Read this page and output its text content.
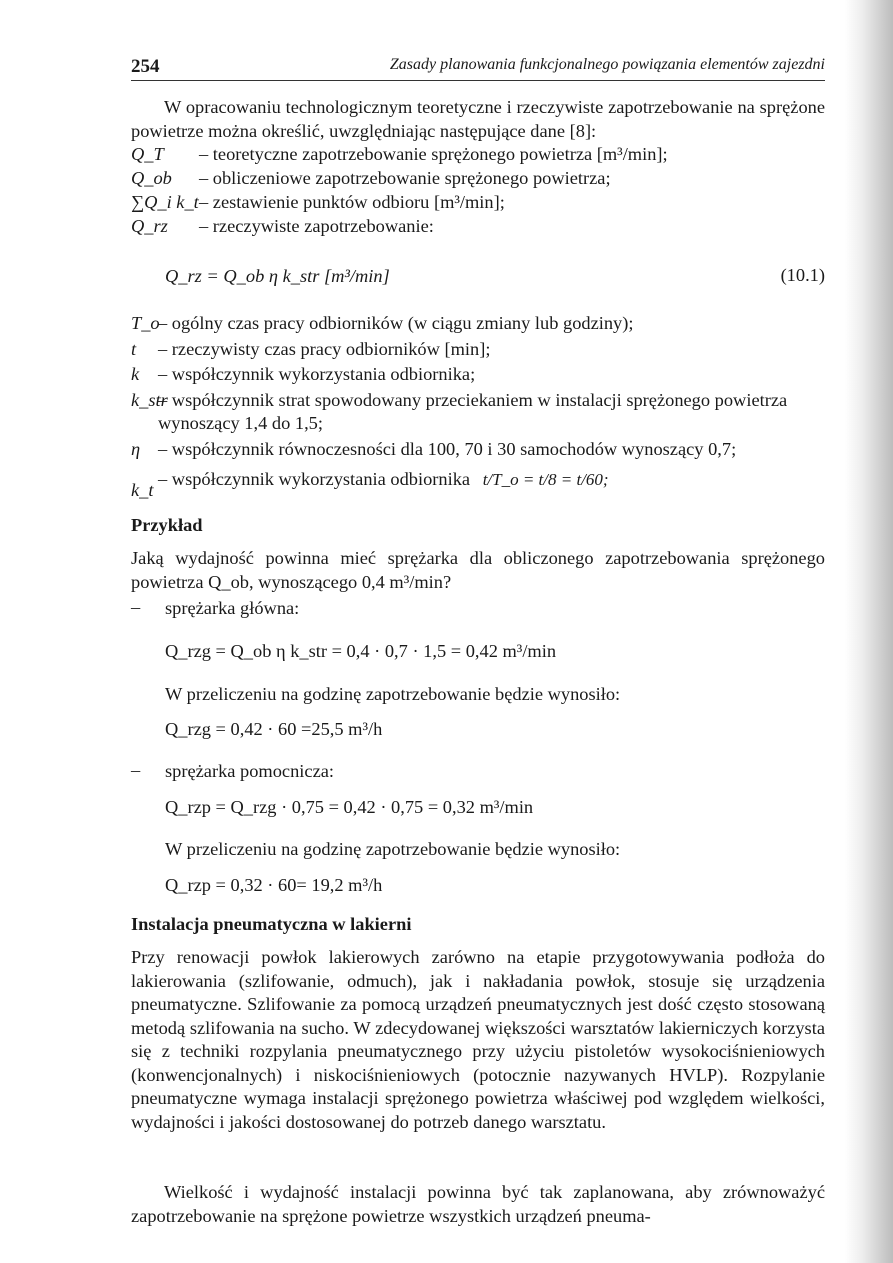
254	Zasady planowania funkcjonalnego powiązania elementów zajezdni
W opracowaniu technologicznym teoretyczne i rzeczywiste zapotrzebowanie na sprężone powietrze można określić, uwzględniając następujące dane [8]:
Q_T – teoretyczne zapotrzebowanie sprężonego powietrza [m³/min];
Q_ob – obliczeniowe zapotrzebowanie sprężonego powietrza;
∑Q_i k_t – zestawienie punktów odbioru [m³/min];
Q_rz – rzeczywiste zapotrzebowanie:
Q_rz = Q_ob η k_str [m³/min]	(10.1)
T_o
– ogólny czas pracy odbiorników (w ciągu zmiany lub godziny);
t – rzeczywisty czas pracy odbiorników [min];
k – współczynnik wykorzystania odbiornika;
k_str
– współczynnik strat spowodowany przeciekaniem w instalacji sprężonego powietrza wynoszący 1,4 do 1,5;
η – współczynnik równoczesności dla 100, 70 i 30 samochodów wynoszący 0,7;
k_t
– współczynnik wykorzystania odbiornika t/T_o = t/8 = t/60;
Przykład
Jaką wydajność powinna mieć sprężarka dla obliczonego zapotrzebowania sprężonego powietrza Q_ob, wynoszącego 0,4 m³/min?
– sprężarka główna:
Q_rzg = Q_ob η k_str = 0,4 · 0,7 · 1,5 = 0,42 m³/min
W przeliczeniu na godzinę zapotrzebowanie będzie wynosiło:
Q_rzg = 0,42 · 60 =25,5 m³/h
– sprężarka pomocnicza:
Q_rzp = Q_rzg · 0,75 = 0,42 · 0,75 = 0,32 m³/min
W przeliczeniu na godzinę zapotrzebowanie będzie wynosiło:
Q_rzp = 0,32 · 60= 19,2 m³/h
Instalacja pneumatyczna w lakierni
Przy renowacji powłok lakierowych zarówno na etapie przygotowywania podłoża do lakierowania (szlifowanie, odmuch), jak i nakładania powłok, stosuje się urządzenia pneumatyczne. Szlifowanie za pomocą urządzeń pneumatycznych jest dość często stosowaną metodą szlifowania na sucho. W zdecydowanej większości warsztatów lakierniczych korzysta się z techniki rozpylania pneumatycznego przy użyciu pistoletów wysokociśnieniowych (konwencjonalnych) i niskociśnieniowych (potocznie nazywanych HVLP). Rozpylanie pneumatyczne wymaga instalacji sprężonego powietrza właściwej pod względem wielkości, wydajności i jakości dostosowanej do potrzeb danego warsztatu.
Wielkość i wydajność instalacji powinna być tak zaplanowana, aby zrównoważyć zapotrzebowanie na sprężone powietrze wszystkich urządzeń pneuma-
